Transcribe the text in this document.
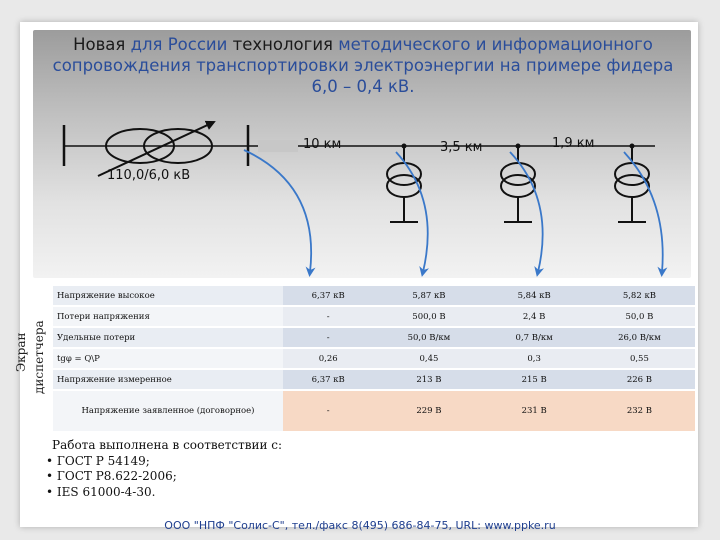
Новая для России технология методического и информационного сопровождения транспортировки электроэнергии на примере фидера 6,0 – 0,4 кВ.
10 км	3,5 км	1,9 км
110,0/6,0 кВ
Экран диспетчера
Напряжение высокое	6,37 кВ	5,87 кВ	5,84 кВ	5,82 кВ
Потери напряжения	-	500,0 В	2,4 В	50,0 В
Удельные потери	-	50,0 В/км	0,7 В/км	26,0 В/км
tgφ = Q\P	0,26	0,45	0,3	0,55
Напряжение измеренное	6,37 кВ	213 В	215 В	226 В
Напряжение заявленное (договорное)	-	229 В	231 В	232 В
Работа выполнена в соответствии с:
• ГОСТ Р 54149;
• ГОСТ Р8.622-2006;
• IES 61000-4-30.
ООО "НПФ "Солис-С", тел./факс 8(495) 686-84-75, URL: www.ppke.ru
